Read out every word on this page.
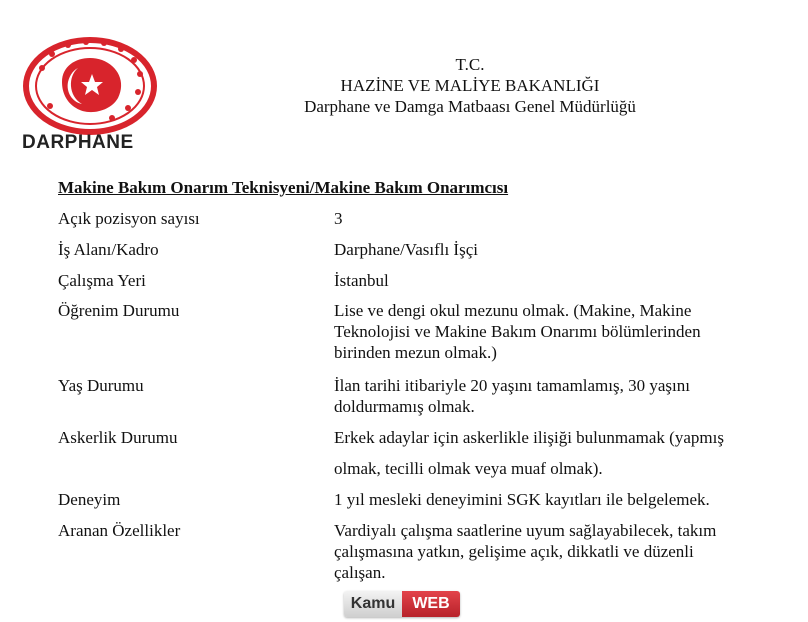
DARPHANE
T.C.
HAZİNE VE MALİYE BAKANLIĞI
Darphane ve Damga Matbaası Genel Müdürlüğü
Makine Bakım Onarım Teknisyeni/Makine Bakım Onarımcısı
Açık pozisyon sayısı	3
İş Alanı/Kadro	Darphane/Vasıflı İşçi
Çalışma Yeri	İstanbul
Öğrenim Durumu	Lise ve dengi okul mezunu olmak. (Makine, Makine
Teknolojisi ve Makine Bakım Onarımı bölümlerinden
birinden mezun olmak.)
Yaş Durumu	İlan tarihi itibariyle 20 yaşını tamamlamış, 30 yaşını
doldurmamış olmak.
Askerlik Durumu	Erkek adaylar için askerlikle ilişiği bulunmamak (yapmış
olmak, tecilli olmak veya muaf olmak).
Deneyim	1 yıl mesleki deneyimini SGK kayıtları ile belgelemek.
Aranan Özellikler	Vardiyalı çalışma saatlerine uyum sağlayabilecek, takım
çalışmasına yatkın, gelişime açık, dikkatli ve düzenli
çalışan.
Kamu	WEB
